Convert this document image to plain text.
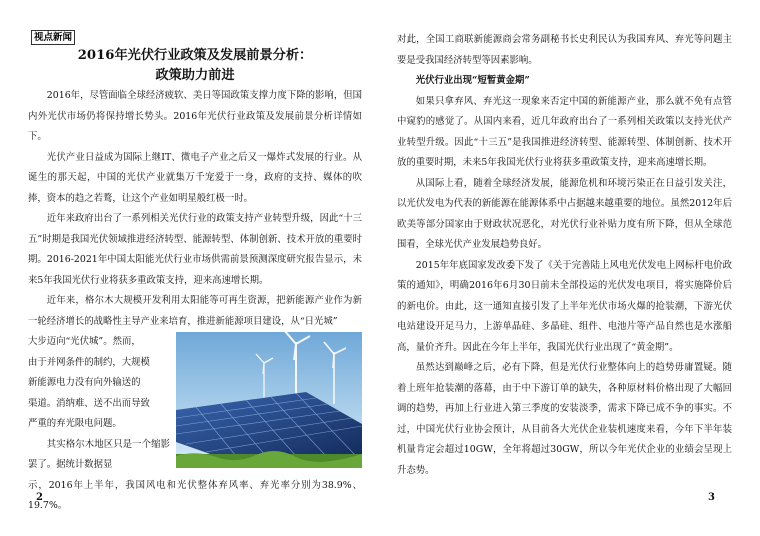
视点新闻

2016年光伏行业政策及发展前景分析：

政策助力前进

2016年，尽管面临全球经济疲软、美日等国政策支撑力度下降的影响，但国内外光伏市场仍将保持增长势头。2016年光伏行业政策及发展前景分析详情如下。

光伏产业日益成为国际上继IT、微电子产业之后又一爆炸式发展的行业。从诞生的那天起，中国的光伏产业就集万千宠爱于一身，政府的支持、媒体的吹捧，资本的趋之若鹜，让这个产业如明星般红极一时。

近年来政府出台了一系列相关光伏行业的政策支持产业转型升级，因此“十三五”时期是我国光伏领域推进经济转型、能源转型、体制创新、技术开放的重要时期。2016-2021年中国太阳能光伏行业市场供需前景预测深度研究报告显示，未来5年我国光伏行业将获多重政策支持，迎来高速增长期。

近年来，格尔木大规模开发利用太阳能等可再生资源，把新能源产业作为新一轮经济增长的战略性主导产业来培育，推进新能源项目建设，从“日光城”

大步迈向“光伏城”。然而，

由于并网条件的制约，大规模

新能源电力没有向外输送的

渠道。消纳难、送不出而导致

严重的弃光限电问题。

其实格尔木地区只是一个缩影罢了。据统计数据显

示，2016年上半年，我国风电和光伏整体弃风率、弃光率分别为38.9%、19.7%。

2

对此，全国工商联新能源商会常务副秘书长史利民认为我国弃风、弃光等问题主要是受我国经济转型等因素影响。

光伏行业出现“短暂黄金期”

如果只拿弃风、弃光这一现象来否定中国的新能源产业，那么就不免有点管中窥豹的感觉了。从国内来看，近几年政府出台了一系列相关政策以支持光伏产业转型升级。因此“十三五”是我国推进经济转型、能源转型、体制创新、技术开放的重要时期，未来5年我国光伏行业将获多重政策支持，迎来高速增长期。

从国际上看，随着全球经济发展，能源危机和环境污染正在日益引发关注，以光伏发电为代表的新能源在能源体系中占据越来越重要的地位。虽然2012年后欧美等部分国家由于财政状况恶化，对光伏行业补贴力度有所下降，但从全球范围看，全球光伏产业发展趋势良好。

2015年年底国家发改委下发了《关于完善陆上风电光伏发电上网标杆电价政策的通知》，明确2016年6月30日前未全部投运的光伏发电项目，将实施降价后的新电价。由此，这一通知直接引发了上半年光伏市场火爆的抢装潮，下游光伏电站建设开足马力，上游单晶硅、多晶硅、组件、电池片等产品自然也是水涨船高，量价齐升。因此在今年上半年，我国光伏行业出现了“黄金期”。

虽然达到巅峰之后，必有下降，但是光伏行业整体向上的趋势毋庸置疑。随着上班年抢装潮的落幕，由于中下游订单的缺失，各种原材料价格出现了大幅回调的趋势，再加上行业进入第三季度的安装淡季，需求下降已成不争的事实。不过，中国光伏行业协会预计，从目前各大光伏企业装机速度来看，今年下半年装机量肯定会超过10GW，全年将超过30GW，所以今年光伏企业的业绩会呈现上升态势。

3
